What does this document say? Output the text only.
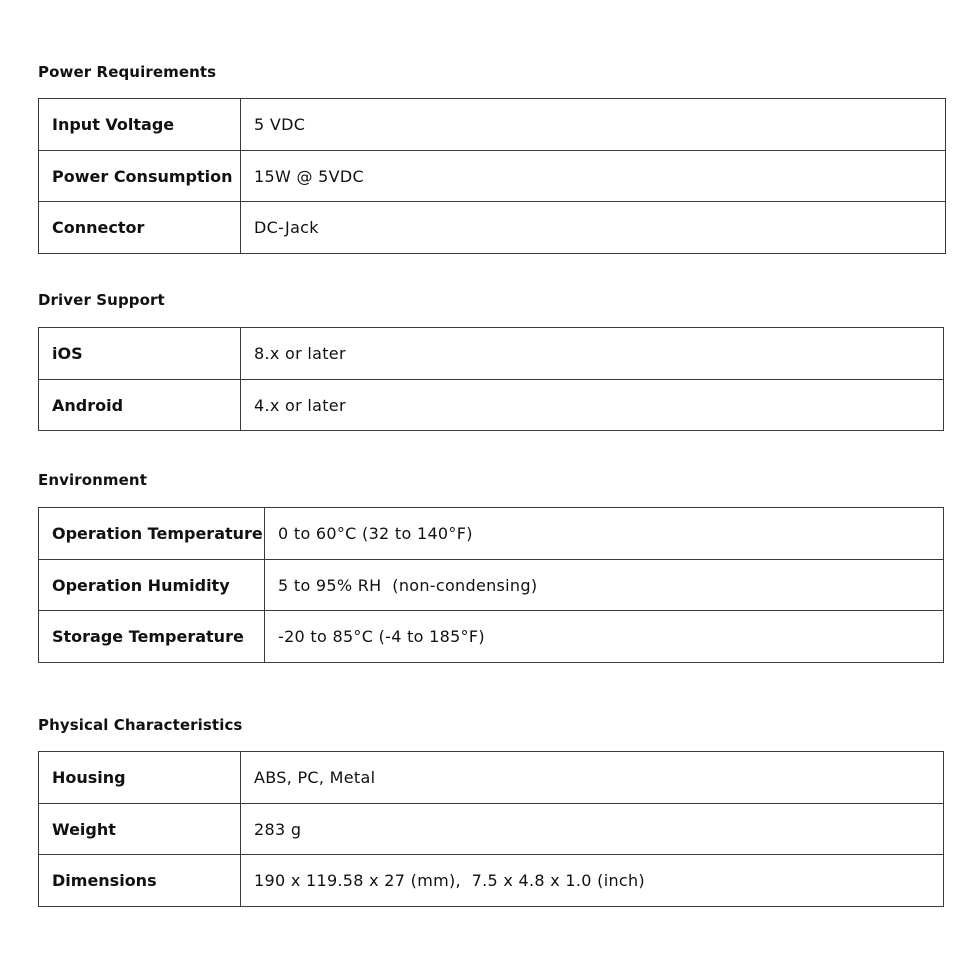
Power Requirements
Input Voltage	5 VDC
Power Consumption	15W @ 5VDC
Connector	DC-Jack
Driver Support
iOS	8.x or later
Android	4.x or later
Environment
Operation Temperature	0 to 60°C (32 to 140°F)
Operation Humidity	5 to 95% RH  (non-condensing)
Storage Temperature	-20 to 85°C (-4 to 185°F)
Physical Characteristics
Housing	ABS, PC, Metal
Weight	283 g
Dimensions	190 x 119.58 x 27 (mm),  7.5 x 4.8 x 1.0 (inch)
